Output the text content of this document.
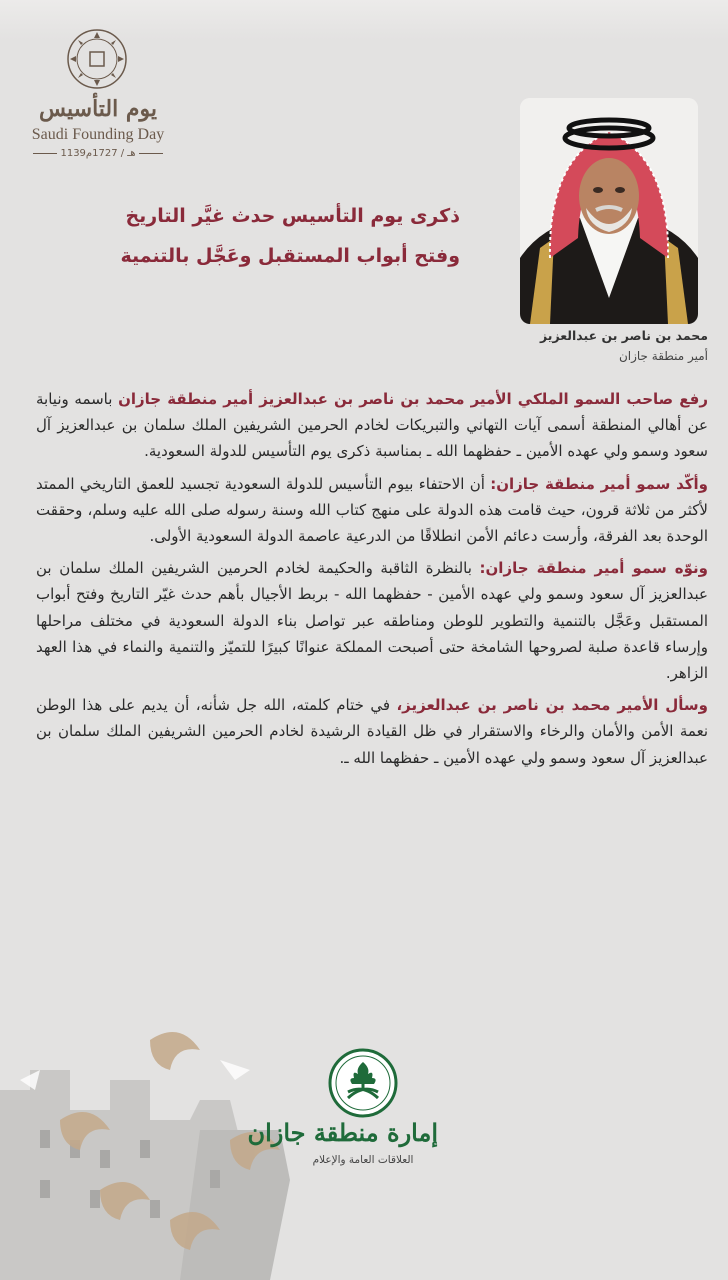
يوم التأسيس
Saudi Founding Day
1139هـ / 1727م
ذكرى يوم التأسيس حدث غيَّر التاريخ
وفتح أبواب المستقبل وعَجَّل بالتنمية
محمد بن ناصر بن عبدالعزيز
أمير منطقة جازان

رفع صاحب السمو الملكي الأمير محمد بن ناصر بن عبدالعزيز أمير منطقة جازان باسمه ونيابة عن أهالي المنطقة أسمى آيات التهاني والتبريكات لخادم الحرمين الشريفين الملك سلمان بن عبدالعزيز آل سعود وسمو ولي عهده الأمين ـ حفظهما الله ـ بمناسبة ذكرى يوم التأسيس للدولة السعودية.

وأكّد سمو أمير منطقة جازان: أن الاحتفاء بيوم التأسيس للدولة السعودية تجسيد للعمق التاريخي الممتد لأكثر من ثلاثة قرون، حيث قامت هذه الدولة على منهج كتاب الله وسنة رسوله صلى الله عليه وسلم، وحققت الوحدة بعد الفرقة، وأرست دعائم الأمن انطلاقًا من الدرعية عاصمة الدولة السعودية الأولى.

ونوّه سمو أمير منطقة جازان: بالنظرة الثاقبة والحكيمة لخادم الحرمين الشريفين الملك سلمان بن عبدالعزيز آل سعود وسمو ولي عهده الأمين - حفظهما الله - بربط الأجيال بأهم حدث غيّر التاريخ وفتح أبواب المستقبل وعَجَّل بالتنمية والتطوير للوطن ومناطقه عبر تواصل بناء الدولة السعودية في مختلف مراحلها وإرساء قاعدة صلبة لصروحها الشامخة حتى أصبحت المملكة عنوانًا كبيرًا للتميّز والتنمية والنماء في هذا العهد الزاهر.

وسأل الأمير محمد بن ناصر بن عبدالعزيز، في ختام كلمته، الله جل شأنه، أن يديم على هذا الوطن نعمة الأمن والأمان والرخاء والاستقرار في ظل القيادة الرشيدة لخادم الحرمين الشريفين الملك سلمان بن عبدالعزيز آل سعود وسمو ولي عهده الأمين ـ حفظهما الله ـ.

إمارة منطقة جازان
العلاقات العامة والإعلام
